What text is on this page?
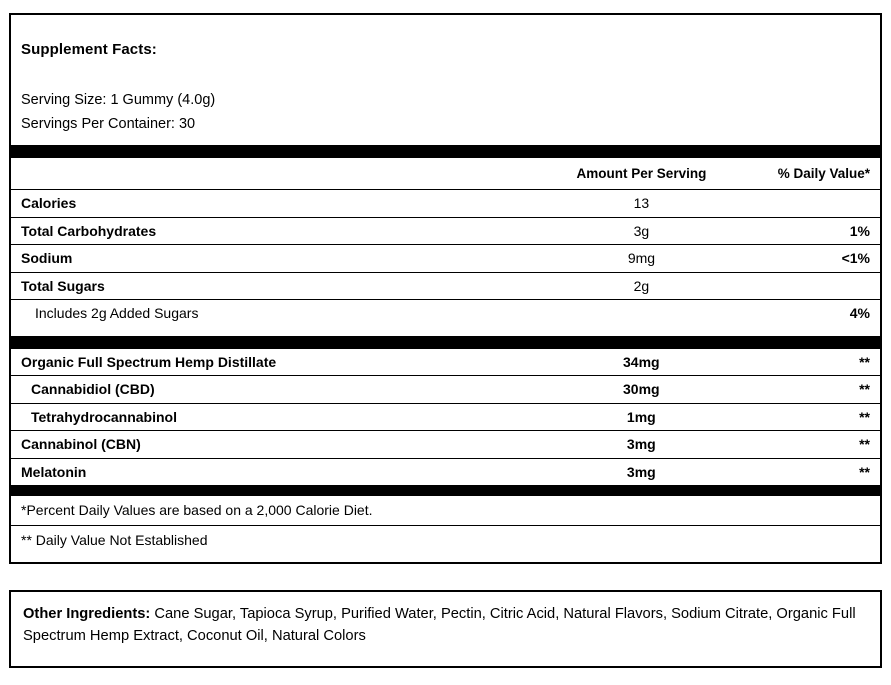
Supplement Facts:
Serving Size: 1 Gummy (4.0g)
Servings Per Container: 30
	Amount Per Serving	% Daily Value*
Calories	13	
Total Carbohydrates	3g	1%
Sodium	9mg	<1%
Total Sugars	2g	
Includes 2g Added Sugars		4%
Organic Full Spectrum Hemp Distillate	34mg	**
Cannabidiol (CBD)	30mg	**
Tetrahydrocannabinol	1mg	**
Cannabinol (CBN)	3mg	**
Melatonin	3mg	**
*Percent Daily Values are based on a 2,000 Calorie Diet.
** Daily Value Not Established
Other Ingredients: Cane Sugar, Tapioca Syrup, Purified Water, Pectin, Citric Acid, Natural Flavors, Sodium Citrate, Organic Full Spectrum Hemp Extract, Coconut Oil, Natural Colors
